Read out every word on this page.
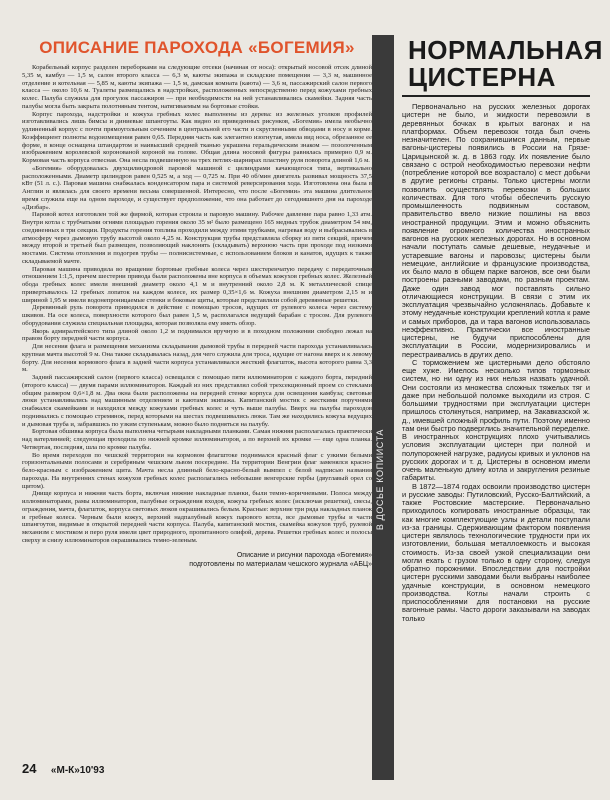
ОПИСАНИЕ ПАРОХОДА «БОГЕМИЯ»

Корабельный корпус разделен переборками на следующие отсеки (начиная от носа): открытый носовой отсек длиной 5,35 м, камбуз — 1,5 м, салон второго класса — 6,3 м, каюты экипажа и складские помещения — 3,3 м, машинное отделение и котельная — 5,85 м, каюты экипажа — 1,5 м, дамская комната (каюта) — 3,6 м, пассажирский салон первого класса — около 10,6 м. Туалеты размещались в надстройках, расположенных непосредственно перед кожухами гребных колес. Палуба служила для прогулок пассажиров — при необходимости на ней устанавливались скамейки. Задняя часть палубы могла быть закрыта полотняным тентом, натягиваемым на бортовые стойки.

Корпус парохода, надстройки и кожуха гребных колес выполнены из дерева: из железных уголков профилей изготавливались лишь бимсы и диниевые шпангоуты. Как видно из приведенных рисунков, «Богемия» имела необычно удлиненный корпус с почти прямоугольным сечением в центральной его части и скругленными обводами в носу и корме. Коэффициент полноты водоизмещения равен 0,65. Передняя часть как элегантно изогнутая, имела вид носа, обрезанное ее форме, в конце оснащена штандартом и наивысший средней тканью украшена геральдическим знаком — позолоченным изображением королевской коронованой короной на голове. Общая длина носовой фигуры равнялась примерно 0,9 м. Кормовая часть корпуса отвесная. Она несла подвешенную на трех петлях-шарнирах пластину руля поворота длиной 1,6 м.

«Богемия» оборудовалась двухцилиндровой паровой машиной с цилиндрами качающегося типа, вертикально расположенными. Диаметр цилиндров равен 0,525 м, а ход — 0,725 м. При 40 об/мин двигатель развивал мощность 37,5 кВт (51 л. с.). Паровая машина снабжалась конденсатором пара и системой реверсирования хода. Изготовлена она была в Англии и являлась для своего времени весьма совершенной. Интересно, что после «Богемии» эта машина длительное время служила еще на одном пароходе, и существует предположение, что она работает до сегодняшнего дня на пароходе «Дизбар».

Паровой котел изготовлен той же фирмой, которая строила и паровую машину. Рабочее давление пара равно 1,33 атм. Внутри котла с трубчатыми огнями площадью горения около 35 м² было размещено 165 медных трубок диаметром 54 мм, соединенных в три секции. Продукты горения топлива проходили между этими трубками, нагревая воду и выбрасывались в атмосферу через дымовую трубу высотой около 4,25 м. Конструкция трубы представляла сборку из пяти секций, причем между второй и третьей был размещен, позволяющий наклонять (складывать) верхнюю часть при проходе под низкими мостами. Система отопления и подогрев трубы — полнисистемные, с использованием блоков и канатов, идущих к также складываемой мачте.

Паровая машина приводила во вращение бортовые гребные колеса через шестеренчатую передачу с передаточным отношением 1:1,5, причем шестерни привода были расположены вне корпуса в объемах кожухов гребных колес. Железный обода гребных колес имели внешний диаметр около 4,1 м и внутренний около 2,8 м. К металлической спице привертывалось 12 гребных лопаток на каждом колесе, их размер 0,35×1,6 м. Кожуха внешним диаметром 2,15 м и шириной 1,95 м имели водонепроницаемые стенки и боковые щиты, которые представляли собой деревянные решетки.

Деревянный руль поворота приводился в действие с помощью тросов, идущих от рулевого колеса через систему шкивов. На осе колеса, поверхности которого был равен 1,5 м, располагался ведущий барабан с тросом. Для рулевого оборудования служила специальная площадка, которая позволяла ему иметь обзор.

Якорь адмиралтейского типа длиной около 1,2 м поднимался вручную и в походном положении свободно лежал на правом борту передней части корпуса.

Для несения флага и размещения механизма складывания дымовой трубы в передней части парохода устанавливалась крупная мачта высотой 9 м. Она также складывалась назад, для чего служила для троса, идущие от нагона вверх и к левому борту. Для несения кормового флага в задней части корпуса устанавливался жесткий флагшток, высота которого равна 3,3 м.

Задний пассажирский салон (первого класса) освещался с помощью пяти иллюминаторов с каждого борта, передний (второго класса) — двумя парами иллюминаторов. Каждый из них представлял собой трехсекционный проем со стеклами общим размером 0,6×1,8 м. Два окна были расположены на передней стенке корпуса для освещения камбуза; световые люки устанавливались над машинным отделением и каютами экипажа. Капитанский мостик с жесткими поручнями снабжался скамейками и находился между кожухами гребных колес и чуть выше палубы. Вверх на палубы пароходов поднимались с помощью стремянок, перед которыми на шестах подвешивались люки. Там же находились кожуха ведущих и дымовая труба и, забравшись по узким ступенькам, можно было подняться на палубу.

Бортовая обшивка корпуса была выполнена четырьмя накладными планками. Самая нижняя располагалась практически над ватерлинией; следующая проходила по нижней кромке иллюминаторов, а по верхней их кромке — еще одна планка. Четвертая, последняя, шла по кромке палубы.

Во время переходов по чешской территории на кормовом флагштоке поднимался красный флаг с узкими белыми горизонтальными полосами и серебряным чешским львом посередине. На территории Венгрии флаг заменялся красно-бело-красным с изображением щита. Мачта несла длинный бело-красно-белый вымпел с белой надписью названия парохода. На внутренних стенах кожухов гребных колес располагались небольшие венгерские гербы (двуглавый орел со щитом).

Днище корпуса и нижняя часть борта, включая нижние накладные планки, были темно-коричневыми. Полоса между иллюминаторами, рамы иллюминаторов, палубные ограждения входов, кожуха гребных колес (исключая решетки), свесы, ограждения, мачта, флагшток, корпуса световых люков окрашивались белым. Красные: верхние три ряда накладных планок и гребные колеса. Черным были кожух, верхний надпалубный кожух парового котла, все дымовые трубы и части шпангоутов, видимые в открытой передней части корпуса. Палуба, капитанский мостик, скамейка кожухов труб, рулевой механизм с мостиком и перо руля имели цвет природного, пропитанного олифой, дерева. Решетки гребных колес и полосы сверху и снизу иллюминаторов окрашивались темно-зеленым.

Описание и рисунки парохода «Богемия»
подготовлены по материалам чешского журнала «АБЦ»
В ДОСЬЕ КОПИИСТА
НОРМАЛЬНАЯ
ЦИСТЕРНА

Первоначально на русских железных дорогах цистерн не было, и жидкости перевозили в деревянных бочках в крытых вагонах и на платформах. Объем перевозок тогда был очень незначителен. По сохранившимся данным, первые вагоны-цистерны появились в России на Грязе-Царицынской ж. д. в 1863 году. Их появление было связано с острой необходимостью перевозки нефти (потребление которой все возрастало) с мест добычи в другие регионы страны. Только цистерны могли позволить осуществлять перевозки в больших количествах. Для того чтобы обеспечить русскую промышленность подвижным составом, правительство ввело низкие пошлины на ввоз иностранной продукции. Этим и можно объяснить появление огромного количества иностранных вагонов на русских железных дорогах. Но в основном начали поступать самые дешевые, неудачные и устаревшие вагоны и паровозы; цистерны были немецкие, английские и французские производства, их было мало в общем парке вагонов, все они были построены разными заводами, по разным проектам. Даже один завод мог поставлять сильно отличающиеся конструкции. В связи с этим их эксплуатация чрезвычайно усложнялась. Добавьте к этому неудачные конструкции креплений котла к раме и самых приборов, да и тара вагонов использовалась неэффективно. Практически все иностранные цистерны, не будучи приспособлены для эксплуатации в России, модернизировались и перестраивались в других депо.

С торможением же цистерными дело обстояло еще хуже. Имелось несколько типов тормозных систем, но ни одну из них нельзя назвать удачной. Они состояли из множества сложных тяжелых тяг и даже при небольшой поломке выходили из строя. С большими трудностями при эксплуатации цистерн пришлось столкнуться, например, на Закавказской ж. д., имевшей сложный профиль пути. Поэтому именно там они быстро подверглись значительной переделке. В иностранных конструкциях плохо учитывались условия эксплуатации цистерн при полной и полупорожней нагрузке, радиусы кривых и уклонов на русских дорогах и т. д. Цистерны в основном имели очень маленькую длину котла и закругления резиные габариты.

В 1872—1874 годах освоили производство цистерн и русские заводы: Путиловский, Русско-Балтийский, а также Ростовские мастерские. Первоначально приходилось копировать иностранные образцы, так как многие комплектующие узлы и детали поступали из-за границы. Сдерживающим фактором появления цистерн являлось технологические трудности при их изготовлении, большая металлоемкость и высокая стоимость. Из-за своей узкой специализации они могли ехать с грузом только в одну сторону, следуя обратно порожними. Впоследствии для постройки цистерн русскими заводами были выбраны наиболее удачные конструкции, в основном немецкого производства. Котлы начали строить с приспособлениями для постановки на русские вагонные рамы. Часто дороги заказывали на заводах только

24 «М-К»10'93
